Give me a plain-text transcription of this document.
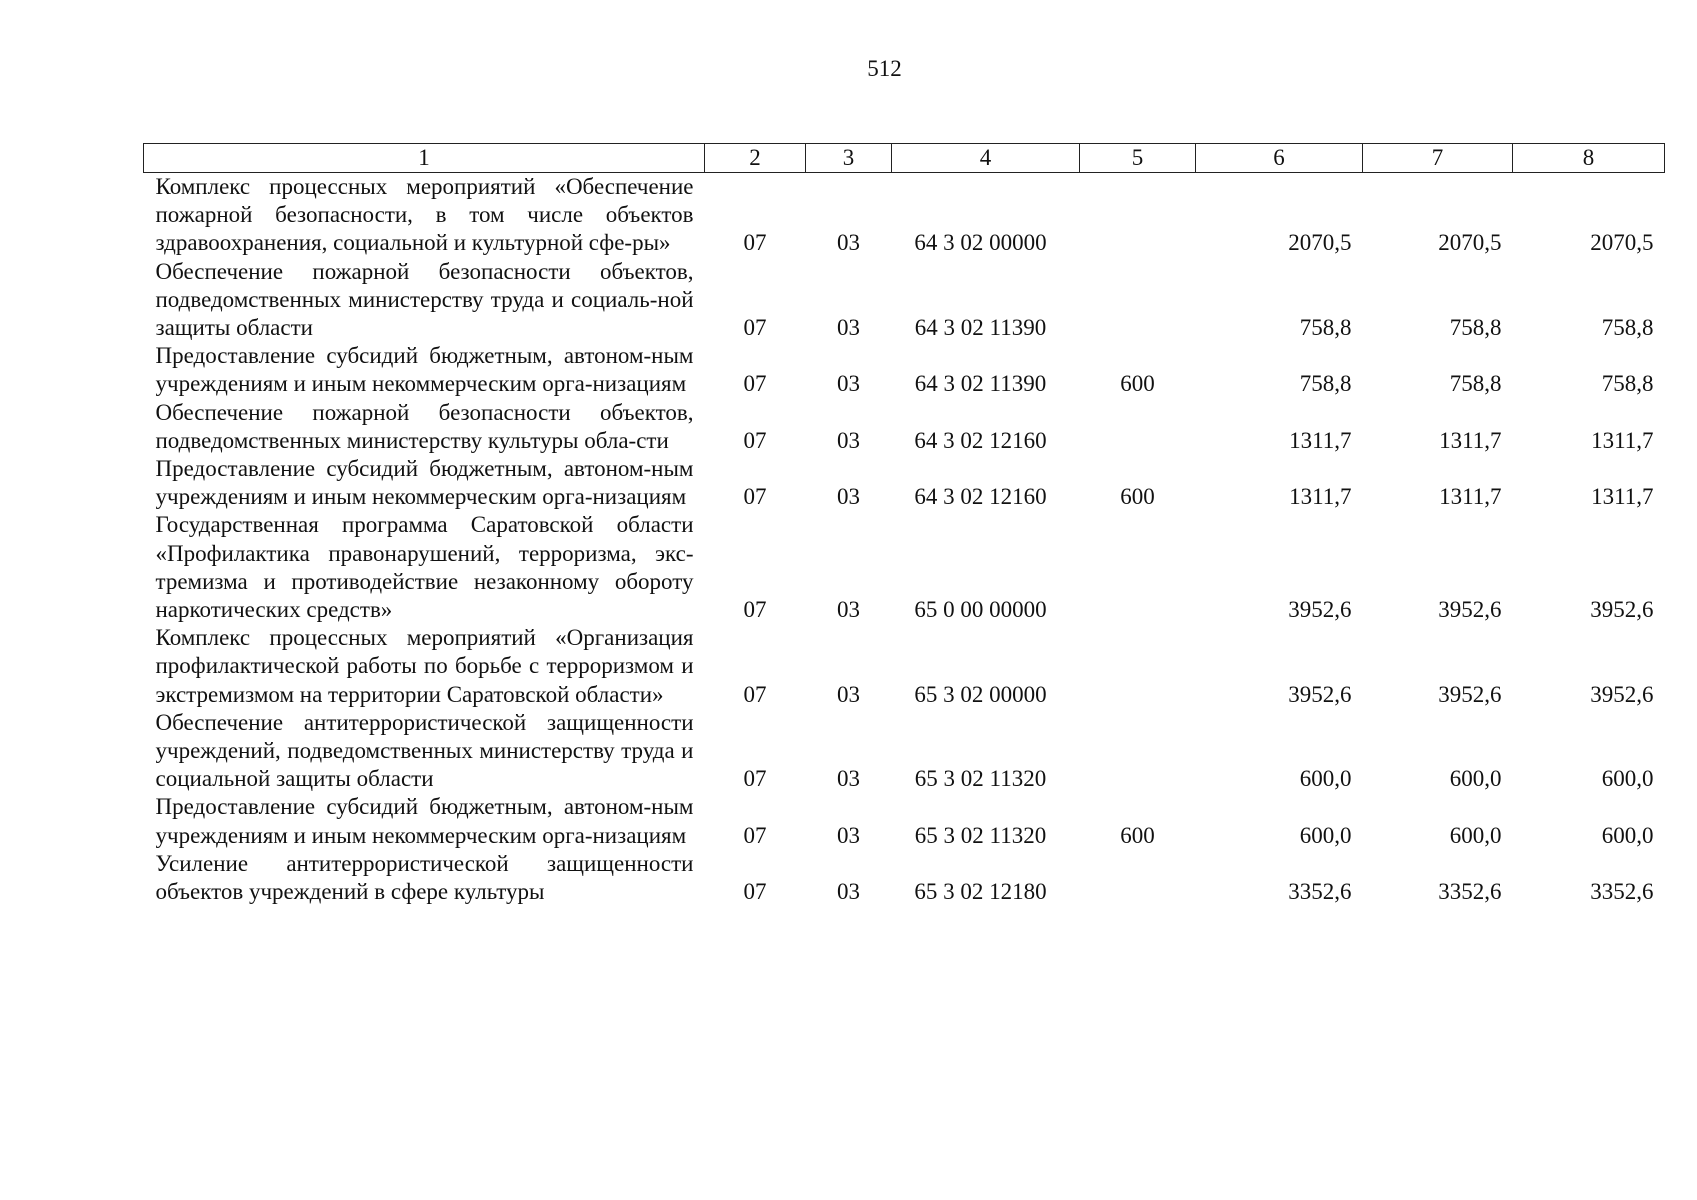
512
1	2	3	4	5	6	7	8
Комплекс процессных мероприятий «Обеспечение пожарной безопасности, в том числе объектов здравоохранения, социальной и культурной сфе-ры»	07	03	64 3 02 00000		2070,5	2070,5	2070,5
Обеспечение пожарной безопасности объектов, подведомственных министерству труда и социаль-ной защиты области	07	03	64 3 02 11390		758,8	758,8	758,8
Предоставление субсидий бюджетным, автоном-ным учреждениям и иным некоммерческим орга-низациям	07	03	64 3 02 11390	600	758,8	758,8	758,8
Обеспечение пожарной безопасности объектов, подведомственных министерству культуры обла-сти	07	03	64 3 02 12160		1311,7	1311,7	1311,7
Предоставление субсидий бюджетным, автоном-ным учреждениям и иным некоммерческим орга-низациям	07	03	64 3 02 12160	600	1311,7	1311,7	1311,7
Государственная программа Саратовской области «Профилактика правонарушений, терроризма, экс-тремизма и противодействие незаконному обороту наркотических средств»	07	03	65 0 00 00000		3952,6	3952,6	3952,6
Комплекс процессных мероприятий «Организация профилактической работы по борьбе с терроризмом и экстремизмом на территории Саратовской области»	07	03	65 3 02 00000		3952,6	3952,6	3952,6
Обеспечение антитеррористической защищенности учреждений, подведомственных министерству труда и социальной защиты области	07	03	65 3 02 11320		600,0	600,0	600,0
Предоставление субсидий бюджетным, автоном-ным учреждениям и иным некоммерческим орга-низациям	07	03	65 3 02 11320	600	600,0	600,0	600,0
Усиление антитеррористической защищенности объектов учреждений в сфере культуры	07	03	65 3 02 12180		3352,6	3352,6	3352,6
